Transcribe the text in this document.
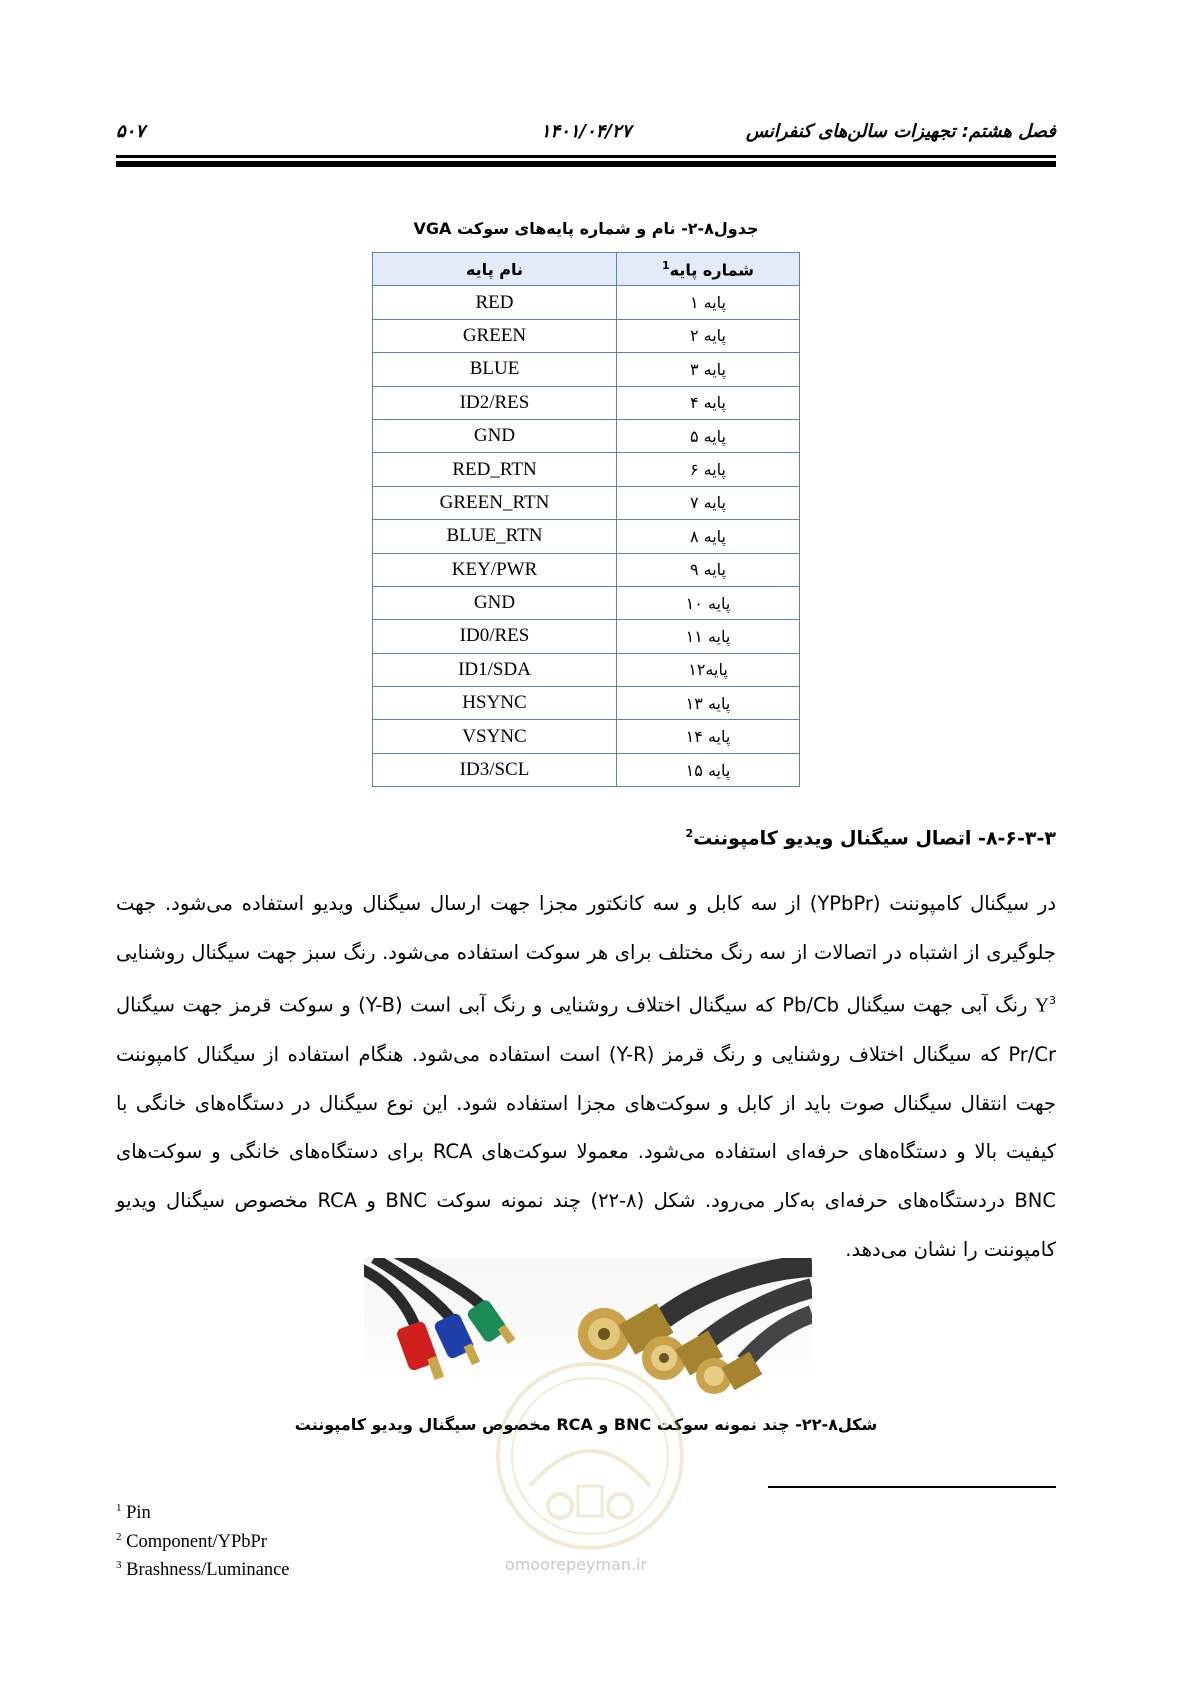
فصل هشتم: تجهیزات سالن‌های کنفرانس
۱۴۰۱/۰۴/۲۷
۵۰۷
جدول۸-۲- نام و شماره پایه‌های سوکت VGA
شماره پایه$^1$	نام پایه
پایه ۱	RED
پایه ۲	GREEN
پایه ۳	BLUE
پایه ۴	ID2/RES
پایه ۵	GND
پایه ۶	RED_RTN
پایه ۷	GREEN_RTN
پایه ۸	BLUE_RTN
پایه ۹	KEY/PWR
پایه ۱۰	GND
پایه ۱۱	ID0/RES
پایه۱۲	ID1/SDA
پایه ۱۳	HSYNC
پایه ۱۴	VSYNC
پایه ۱۵	ID3/SCL
۸-۶-۳-۳- اتصال سیگنال ویدیو کامپوننت$^2$

در سیگنال کامپوننت (YPbPr) از سه کابل و سه کانکتور مجزا جهت ارسال سیگنال ویدیو استفاده می‌شود. جهت جلوگیری از اشتباه در اتصالات از سه رنگ مختلف برای هر سوکت استفاده می‌شود. رنگ سبز جهت سیگنال روشنایی Y$^3$ رنگ آبی جهت سیگنال Pb/Cb که سیگنال اختلاف روشنایی و رنگ آبی است (Y-B) و سوکت قرمز جهت سیگنال Pr/Cr که سیگنال اختلاف روشنایی و رنگ قرمز (Y-R) است استفاده می‌شود. هنگام استفاده از سیگنال کامپوننت جهت انتقال سیگنال صوت باید از کابل و سوکت‌های مجزا استفاده شود. این نوع سیگنال در دستگاه‌های خانگی با کیفیت بالا و دستگاه‌های حرفه‌ای استفاده می‌شود. معمولا سوکت‌های RCA برای دستگاه‌های خانگی و سوکت‌های BNC دردستگاه‌های حرفه‌ای به‌کار می‌رود. شکل (۸-۲۲) چند نمونه سوکت BNC و RCA مخصوص سیگنال ویدیو کامپوننت را نشان می‌دهد.

شکل۸-۲۲- چند نمونه سوکت BNC و RCA مخصوص سیگنال ویدیو کامپوننت
omoorepeyman.ir
$^1$ Pin
$^2$ Component/YPbPr
$^3$ Brashness/Luminance
